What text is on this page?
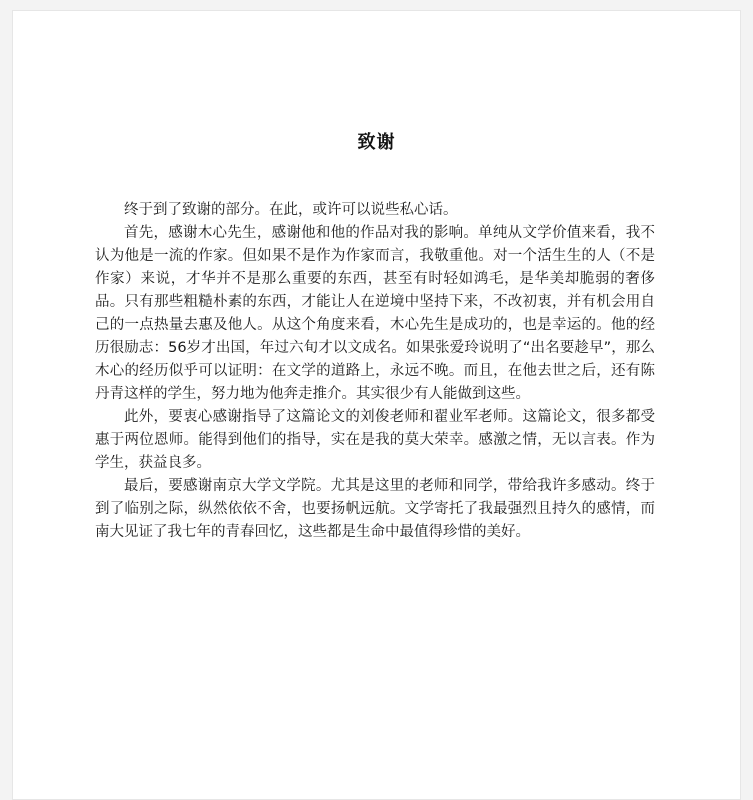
致谢

终于到了致谢的部分。在此，或许可以说些私心话。

首先，感谢木心先生，感谢他和他的作品对我的影响。单纯从文学价值来看，我不认为他是一流的作家。但如果不是作为作家而言，我敬重他。对一个活生生的人（不是作家）来说，才华并不是那么重要的东西，甚至有时轻如鸿毛，是华美却脆弱的奢侈品。只有那些粗糙朴素的东西，才能让人在逆境中坚持下来，不改初衷，并有机会用自己的一点热量去惠及他人。从这个角度来看，木心先生是成功的，也是幸运的。他的经历很励志：56岁才出国，年过六旬才以文成名。如果张爱玲说明了“出名要趁早”，那么木心的经历似乎可以证明：在文学的道路上，永远不晚。而且，在他去世之后，还有陈丹青这样的学生，努力地为他奔走推介。其实很少有人能做到这些。

此外，要衷心感谢指导了这篇论文的刘俊老师和翟业军老师。这篇论文，很多都受惠于两位恩师。能得到他们的指导，实在是我的莫大荣幸。感激之情，无以言表。作为学生，获益良多。

最后，要感谢南京大学文学院。尤其是这里的老师和同学，带给我许多感动。终于到了临别之际，纵然依依不舍，也要扬帆远航。文学寄托了我最强烈且持久的感情，而南大见证了我七年的青春回忆，这些都是生命中最值得珍惜的美好。
